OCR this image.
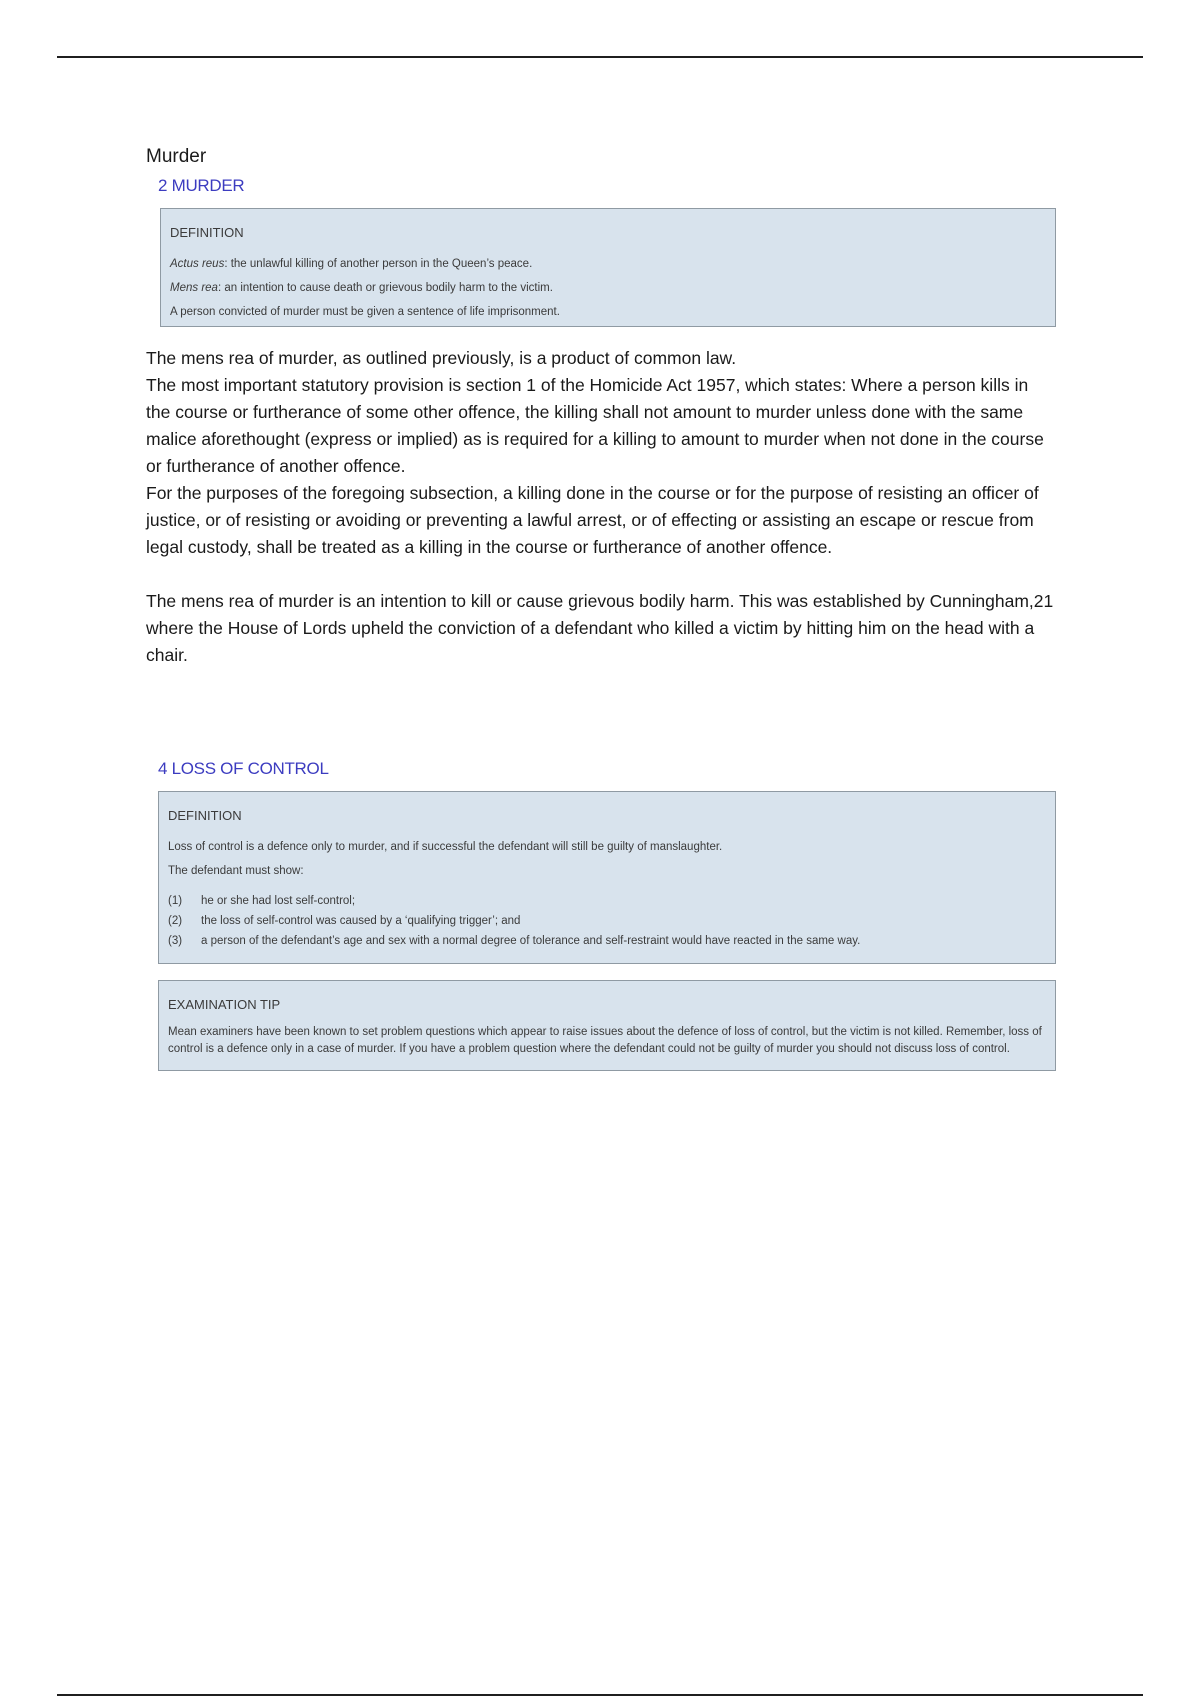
Murder
2 MURDER
DEFINITION
Actus reus: the unlawful killing of another person in the Queen’s peace.
Mens rea: an intention to cause death or grievous bodily harm to the victim.
A person convicted of murder must be given a sentence of life imprisonment.

The mens rea of murder, as outlined previously, is a product of common law.

The most important statutory provision is section 1 of the Homicide Act 1957, which states: Where a person kills in the course or furtherance of some other offence, the killing shall not amount to murder unless done with the same malice aforethought (express or implied) as is required for a killing to amount to murder when not done in the course or furtherance of another offence.

For the purposes of the foregoing subsection, a killing done in the course or for the purpose of resisting an officer of justice, or of resisting or avoiding or preventing a lawful arrest, or of effecting or assisting an escape or rescue from legal custody, shall be treated as a killing in the course or furtherance of another offence.

The mens rea of murder is an intention to kill or cause grievous bodily harm. This was established by Cunningham,21 where the House of Lords upheld the conviction of a defendant who killed a victim by hitting him on the head with a chair.

4 LOSS OF CONTROL
DEFINITION
Loss of control is a defence only to murder, and if successful the defendant will still be guilty of manslaughter.
The defendant must show:
(1)	he or she had lost self-control;
(2)	the loss of self-control was caused by a ‘qualifying trigger’; and
(3)	a person of the defendant’s age and sex with a normal degree of tolerance and self-restraint would have reacted in the same way.
EXAMINATION TIP
Mean examiners have been known to set problem questions which appear to raise issues about the defence of loss of control, but the victim is not killed. Remember, loss of control is a defence only in a case of murder. If you have a problem question where the defendant could not be guilty of murder you should not discuss loss of control.
